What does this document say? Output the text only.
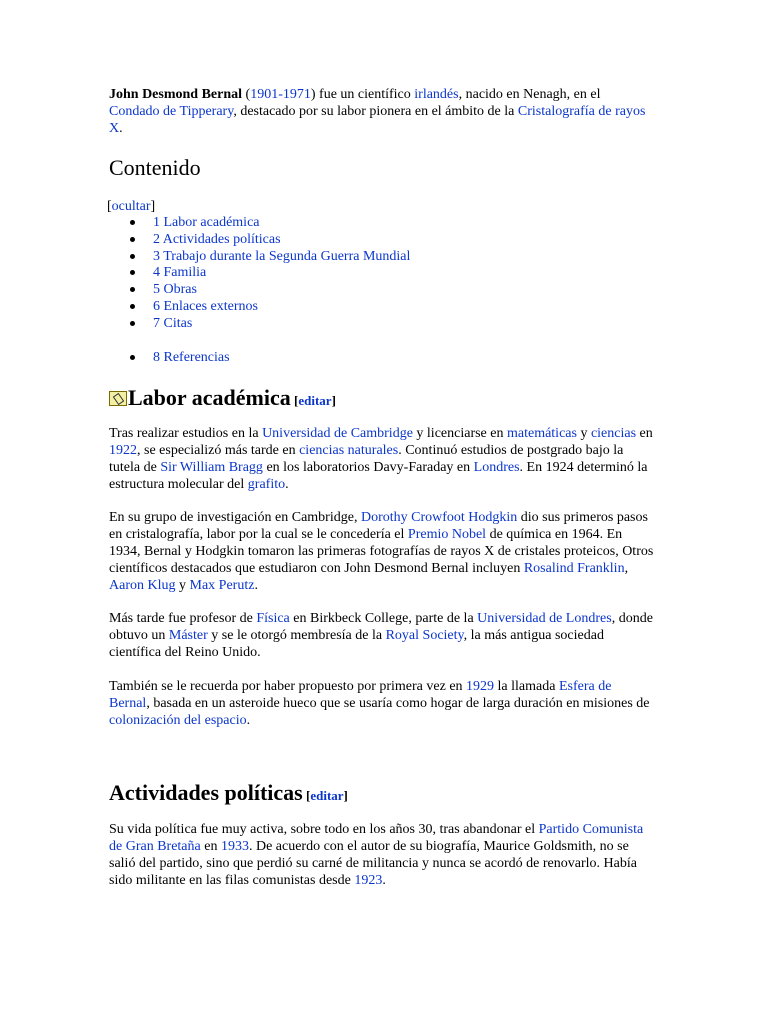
John Desmond Bernal (1901-1971) fue un científico irlandés, nacido en Nenagh, en el Condado de Tipperary, destacado por su labor pionera en el ámbito de la Cristalografía de rayos X.

Contenido
[ocultar]
1 Labor académica
2 Actividades políticas
3 Trabajo durante la Segunda Guerra Mundial
4 Familia
5 Obras
6 Enlaces externos
7 Citas
8 Referencias
Labor académica [editar]

Tras realizar estudios en la Universidad de Cambridge y licenciarse en matemáticas y ciencias en 1922, se especializó más tarde en ciencias naturales. Continuó estudios de postgrado bajo la tutela de Sir William Bragg en los laboratorios Davy-Faraday en Londres. En 1924 determinó la estructura molecular del grafito.

En su grupo de investigación en Cambridge, Dorothy Crowfoot Hodgkin dio sus primeros pasos en cristalografía, labor por la cual se le concedería el Premio Nobel de química en 1964. En 1934, Bernal y Hodgkin tomaron las primeras fotografías de rayos X de cristales proteicos, Otros científicos destacados que estudiaron con John Desmond Bernal incluyen Rosalind Franklin, Aaron Klug y Max Perutz.

Más tarde fue profesor de Física en Birkbeck College, parte de la Universidad de Londres, donde obtuvo un Máster y se le otorgó membresía de la Royal Society, la más antigua sociedad científica del Reino Unido.

También se le recuerda por haber propuesto por primera vez en 1929 la llamada Esfera de Bernal, basada en un asteroide hueco que se usaría como hogar de larga duración en misiones de colonización del espacio.

Actividades políticas [editar]

Su vida política fue muy activa, sobre todo en los años 30, tras abandonar el Partido Comunista de Gran Bretaña en 1933. De acuerdo con el autor de su biografía, Maurice Goldsmith, no se salió del partido, sino que perdió su carné de militancia y nunca se acordó de renovarlo. Había sido militante en las filas comunistas desde 1923.
